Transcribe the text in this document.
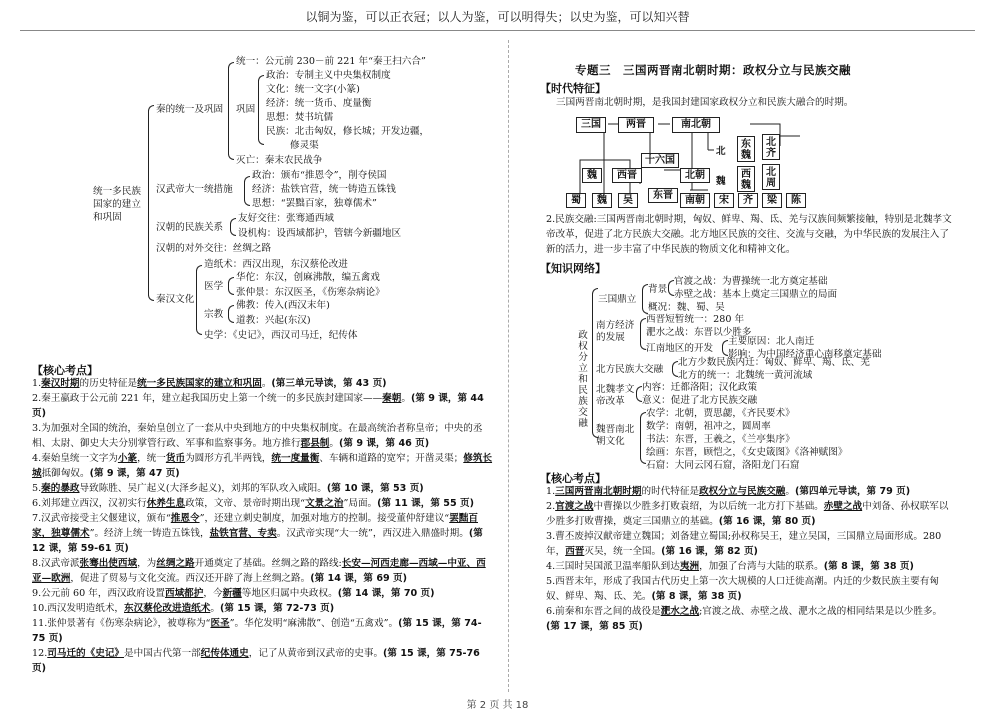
以铜为鉴，可以正衣冠；以人为鉴，可以明得失；以史为鉴，可以知兴替
统一多民族
国家的建立
和巩固
秦的统一及巩固
统一：公元前 230－前 221 年“秦王扫六合”
巩固
政治：专制主义中央集权制度
文化：统一文字(小篆)
经济：统一货币、度量衡
思想：焚书坑儒
民族：北击匈奴，修长城；开发边疆，
修灵渠
灭亡：秦末农民战争
汉武帝大一统措施
政治：颁布“推恩令”，削夺侯国
经济：盐铁官营，统一铸造五铢钱
思想：“罢黜百家，独尊儒术”
汉朝的民族关系
友好交往：张骞通西域
设机构：设西域都护，管辖今新疆地区
汉朝的对外交往：丝绸之路
秦汉文化
造纸术：西汉出现，东汉蔡伦改进
医学
华佗：东汉，创麻沸散，编五禽戏
张仲景：东汉医圣，《伤寒杂病论》
宗教
佛教：传入(西汉末年)
道教：兴起(东汉)
史学：《史记》，西汉司马迁，纪传体
【核心考点】
1.秦汉时期的历史特征是统一多民族国家的建立和巩固。(第三单元导读，第 43 页)
2.秦王嬴政于公元前 221 年，建立起我国历史上第一个统一的多民族封建国家——秦朝。(第 9 课，第 44 页)
3.为加强对全国的统治，秦始皇创立了一套从中央到地方的中央集权制度。在最高统治者称皇帝；中央的丞相、太尉、御史大夫分别掌管行政、军事和监察事务。地方推行郡县制。(第 9 课，第 46 页)
4.秦始皇统一文字为小篆，统一货币为圆形方孔半两钱，统一度量衡、车辆和道路的宽窄；开凿灵渠；修筑长城抵御匈奴。(第 9 课，第 47 页)
5.秦的暴政导致陈胜、吴广起义(大泽乡起义)，刘邦的军队攻入咸阳。(第 10 课，第 53 页)
6.刘邦建立西汉，汉初实行休养生息政策，文帝、景帝时期出现“文景之治”局面。(第 11 课，第 55 页)
7.汉武帝接受主父偃建议，颁布“推恩令”，还建立刺史制度，加强对地方的控制。接受董仲舒建议“罢黜百家，独尊儒术”。经济上统一铸造五铢钱，盐铁官营、专卖。汉武帝实现“大一统”，西汉进入鼎盛时期。(第 12 课，第 59-61 页)
8.汉武帝派张骞出使西域，为丝绸之路开通奠定了基础。丝绸之路的路线:长安—河西走廊—西域—中亚、西亚—欧洲，促进了贸易与文化交流。西汉还开辟了海上丝绸之路。(第 14 课，第 69 页)
9.公元前 60 年，西汉政府设置西域都护，今新疆等地区归属中央政权。(第 14 课，第 70 页)
10.西汉发明造纸术，东汉蔡伦改进造纸术。(第 15 课，第 72-73 页)
11.张仲景著有《伤寒杂病论》，被尊称为“医圣”。华佗发明“麻沸散”、创造“五禽戏”。(第 15 课，第 74-75 页)
12.司马迁的《史记》是中国古代第一部纪传体通史，记了从黄帝到汉武帝的史事。(第 15 课，第 75-76 页)
专题三　三国两晋南北朝时期：政权分立与民族交融
【时代特征】
三国两晋南北朝时期，是我国封建国家政权分立和民族大融合的时期。
三国	两晋	南北朝
东魏
北齐
十六国
西晋
魏
东晋
北朝
北
魏
西魏
北周
蜀	魏	吴	南朝	宋	齐	梁	陈
2.民族交融:三国两晋南北朝时期，匈奴、鲜卑、羯、氐、羌与汉族间频繁接触，特别是北魏孝文帝改革，促进了北方民族大交融。北方地区民族的交往、交流与交融，为中华民族的发展注入了新的活力，进一步丰富了中华民族的物质文化和精神文化。
【知识网络】
政权分立和民族交融
三国鼎立
背景
官渡之战：为曹操统一北方奠定基础
赤壁之战：基本上奠定三国鼎立的局面
概况：魏、蜀、吴
南方经济
的发展
西晋短暂统一：280 年
淝水之战：东晋以少胜多
江南地区的开发
主要原因：北人南迁
影响：为中国经济重心南移奠定基础
北方民族大交融
北方少数民族内迁：匈奴、鲜卑、羯、氐、羌
北方的统一：北魏统一黄河流域
北魏孝文
帝改革
内容：迁都洛阳；汉化政策
意义：促进了北方民族交融
魏晋南北
朝文化
农学：北朝，贾思勰，《齐民要术》
数学：南朝，祖冲之，圆周率
书法：东晋，王羲之，《兰亭集序》
绘画：东晋，顾恺之，《女史箴图》《洛神赋图》
石窟：大同云冈石窟，洛阳龙门石窟
【核心考点】
1.三国两晋南北朝时期的时代特征是政权分立与民族交融。(第四单元导读，第 79 页)
2.官渡之战中曹操以少胜多打败袁绍，为以后统一北方打下基础。赤壁之战中刘备、孙权联军以少胜多打败曹操，奠定三国鼎立的基础。(第 16 课，第 80 页)
3.曹丕废掉汉献帝建立魏国；刘备建立蜀国;孙权称吴王，建立吴国，三国鼎立局面形成。280 年，西晋灭吴，统一全国。(第 16 课，第 82 页)
4.三国时吴国派卫温率船队到达夷洲，加强了台湾与大陆的联系。(第 8 课，第 38 页)
5.西晋末年，形成了我国古代历史上第一次大规模的人口迁徙高潮。内迁的少数民族主要有匈奴、鲜卑、羯、氐、羌。(第 8 课，第 38 页)
6.前秦和东晋之间的战役是淝水之战;官渡之战、赤壁之战、淝水之战的相同结果是以少胜多。(第 17 课，第 85 页)
第 2 页 共 18
